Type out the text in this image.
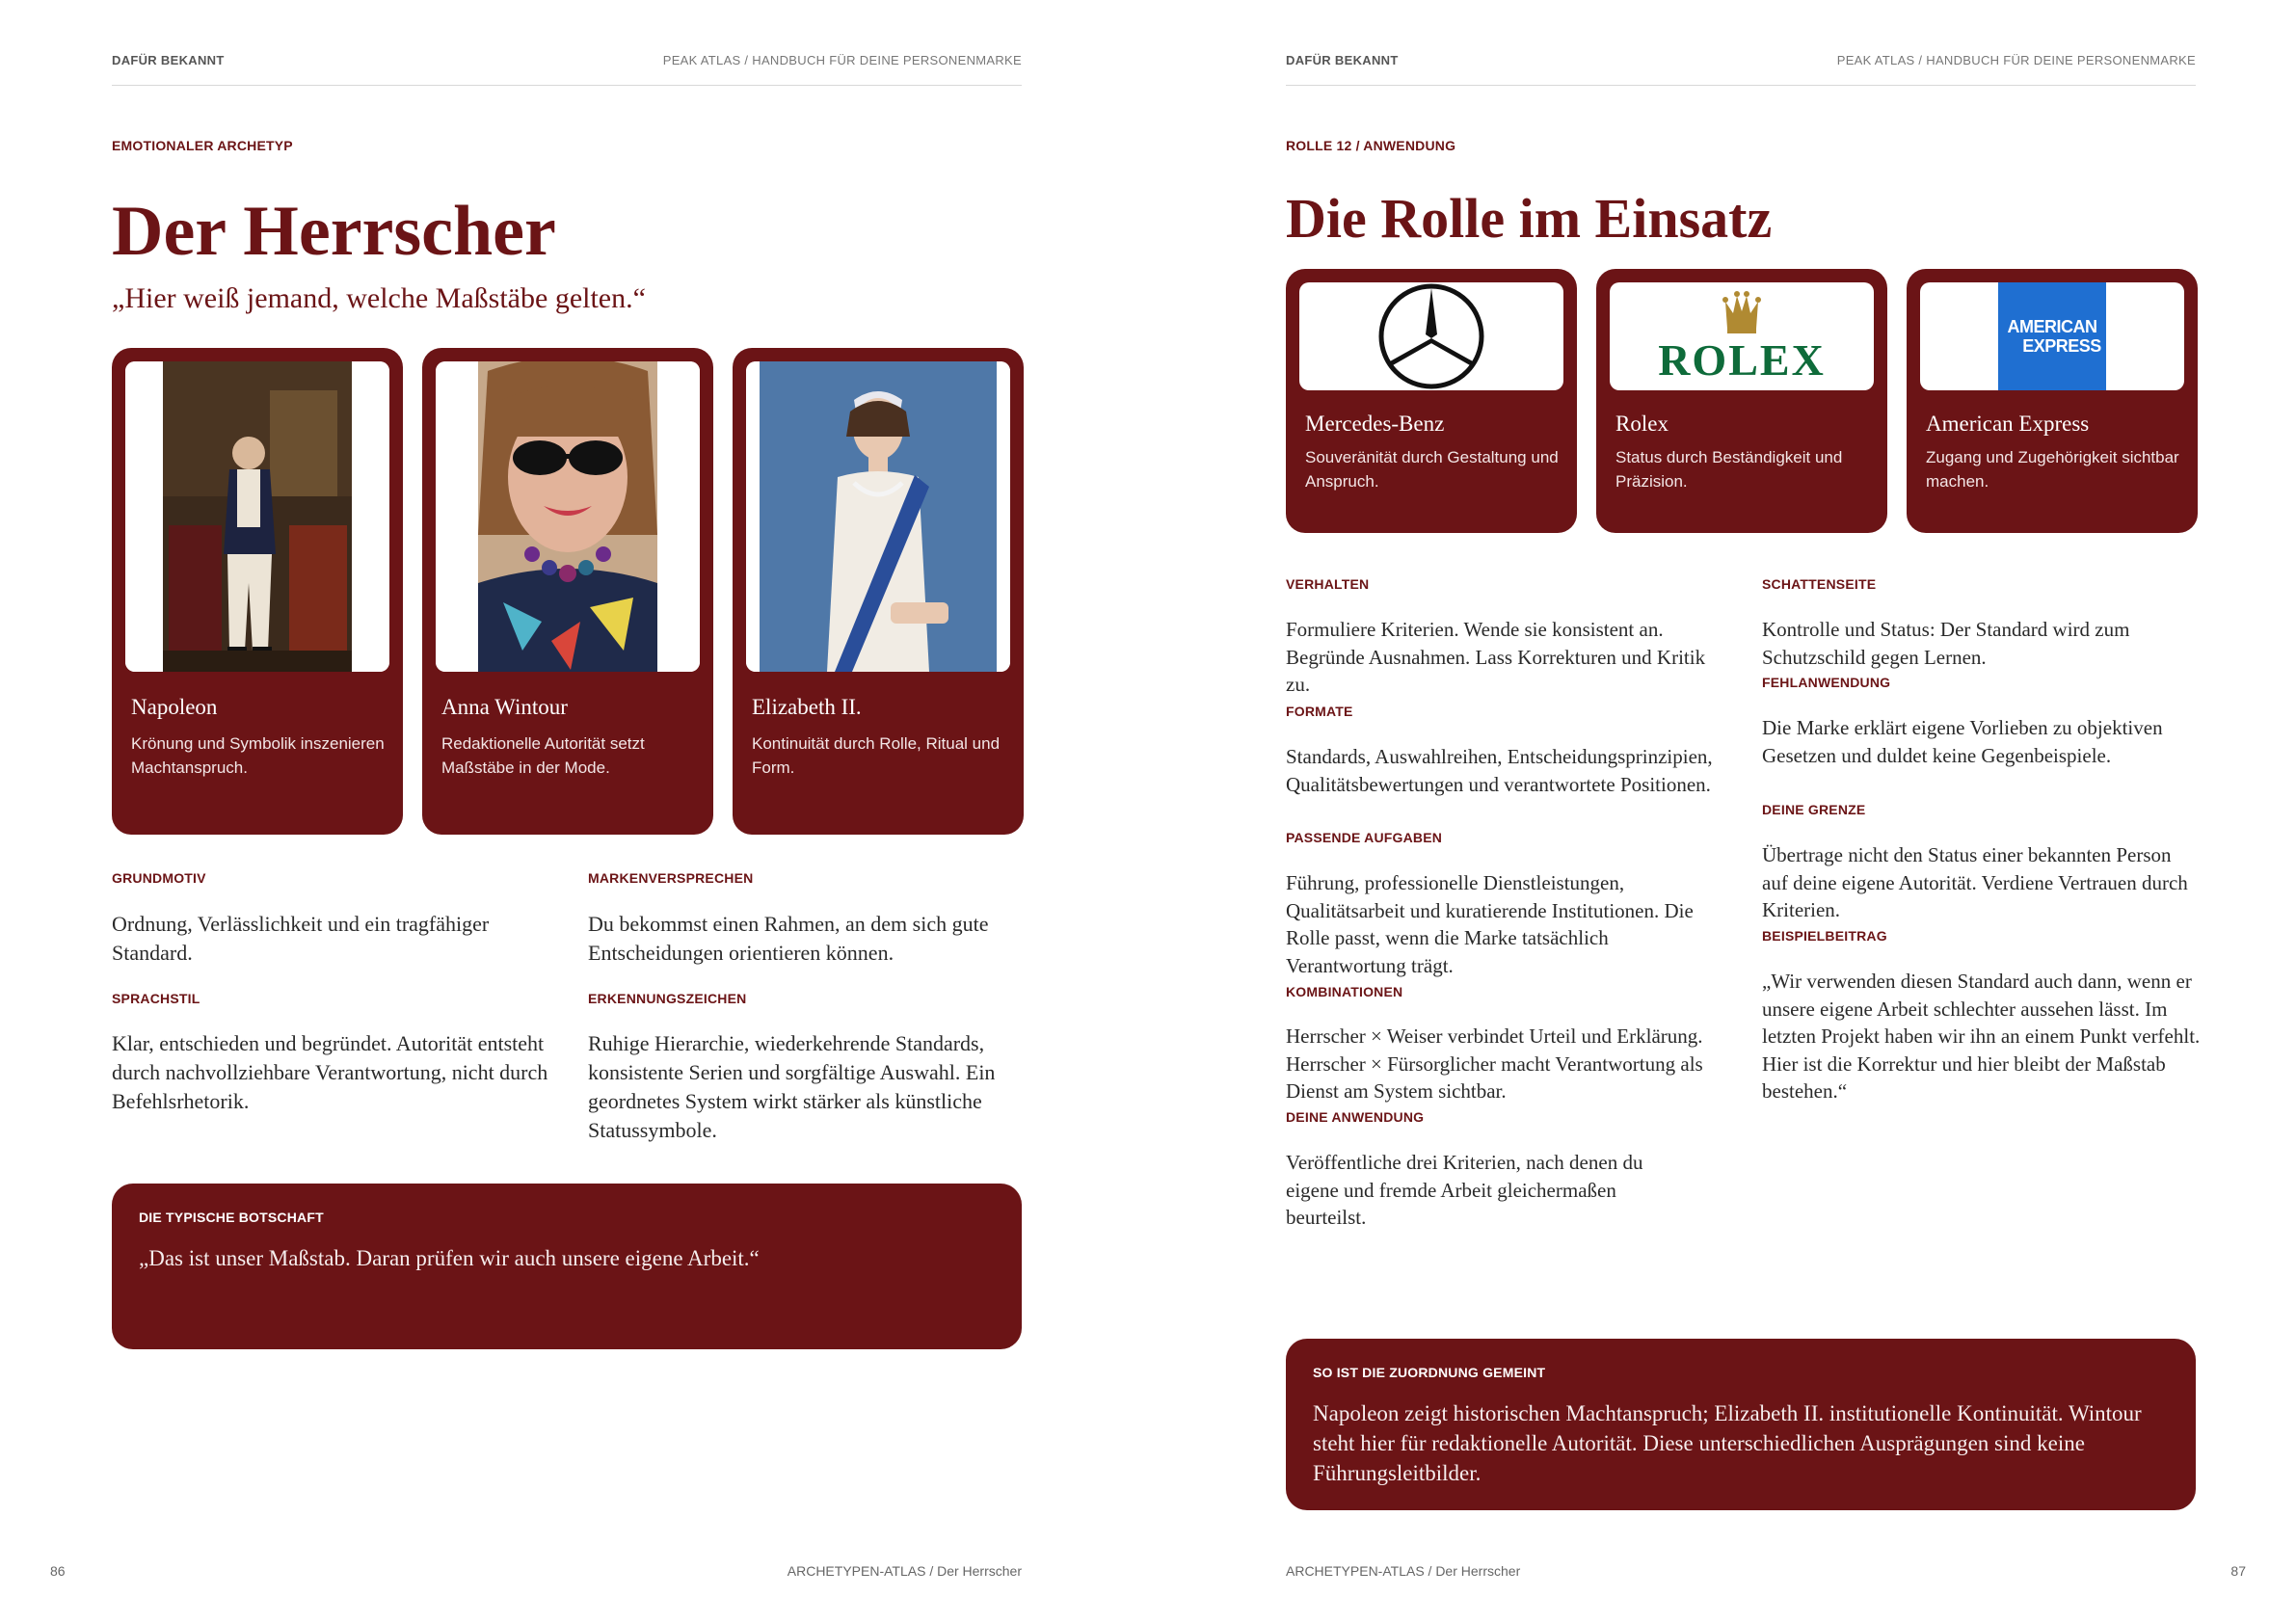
DAFÜR BEKANNT	PEAK ATLAS / HANDBUCH FÜR DEINE PERSONENMARKE
EMOTIONALER ARCHETYP
Der Herrscher
„Hier weiß jemand, welche Maßstäbe gelten.“
Napoleon
Krönung und Symbolik inszenieren Machtanspruch.
Anna Wintour
Redaktionelle Autorität setzt Maßstäbe in der Mode.
Elizabeth II.
Kontinuität durch Rolle, Ritual und Form.
GRUNDMOTIV
Ordnung, Verlässlichkeit und ein tragfähiger Standard.
MARKENVERSPRECHEN
Du bekommst einen Rahmen, an dem sich gute Entscheidungen orientieren können.
SPRACHSTIL
Klar, entschieden und begründet. Autorität entsteht durch nachvollziehbare Verantwortung, nicht durch Befehlsrhetorik.
ERKENNUNGSZEICHEN
Ruhige Hierarchie, wiederkehrende Standards, konsistente Serien und sorgfältige Auswahl. Ein geordnetes System wirkt stärker als künstliche Statussymbole.
DIE TYPISCHE BOTSCHAFT
„Das ist unser Maßstab. Daran prüfen wir auch unsere eigene Arbeit.“
86	ARCHETYPEN-ATLAS / Der Herrscher
DAFÜR BEKANNT	PEAK ATLAS / HANDBUCH FÜR DEINE PERSONENMARKE
ROLLE 12 / ANWENDUNG
Die Rolle im Einsatz
Mercedes-Benz
Souveränität durch Gestaltung und Anspruch.
ROLEX
Rolex
Status durch Beständigkeit und Präzision.
AMERICAN
EXPRESS
American Express
Zugang und Zugehörigkeit sichtbar machen.
VERHALTEN
Formuliere Kriterien. Wende sie konsistent an. Begründe Ausnahmen. Lass Korrekturen und Kritik zu.
FORMATE
Standards, Auswahlreihen, Entscheidungsprinzipien, Qualitätsbewertungen und verantwortete Positionen.
PASSENDE AUFGABEN
Führung, professionelle Dienstleistungen, Qualitätsarbeit und kuratierende Institutionen. Die Rolle passt, wenn die Marke tatsächlich Verantwortung trägt.
KOMBINATIONEN
Herrscher × Weiser verbindet Urteil und Erklärung. Herrscher × Fürsorglicher macht Verantwortung als Dienst am System sichtbar.
DEINE ANWENDUNG
Veröffentliche drei Kriterien, nach denen du eigene und fremde Arbeit gleichermaßen beurteilst.
SCHATTENSEITE
Kontrolle und Status: Der Standard wird zum Schutzschild gegen Lernen.
FEHLANWENDUNG
Die Marke erklärt eigene Vorlieben zu objektiven Gesetzen und duldet keine Gegenbeispiele.
DEINE GRENZE
Übertrage nicht den Status einer bekannten Person auf deine eigene Autorität. Verdiene Vertrauen durch Kriterien.
BEISPIELBEITRAG
„Wir verwenden diesen Standard auch dann, wenn er unsere eigene Arbeit schlechter aussehen lässt. Im letzten Projekt haben wir ihn an einem Punkt verfehlt. Hier ist die Korrektur und hier bleibt der Maßstab bestehen.“
SO IST DIE ZUORDNUNG GEMEINT
Napoleon zeigt historischen Machtanspruch; Elizabeth II. institutionelle Kontinuität. Wintour steht hier für redaktionelle Autorität. Diese unterschiedlichen Ausprägungen sind keine Führungsleitbilder.
ARCHETYPEN-ATLAS / Der Herrscher	87
